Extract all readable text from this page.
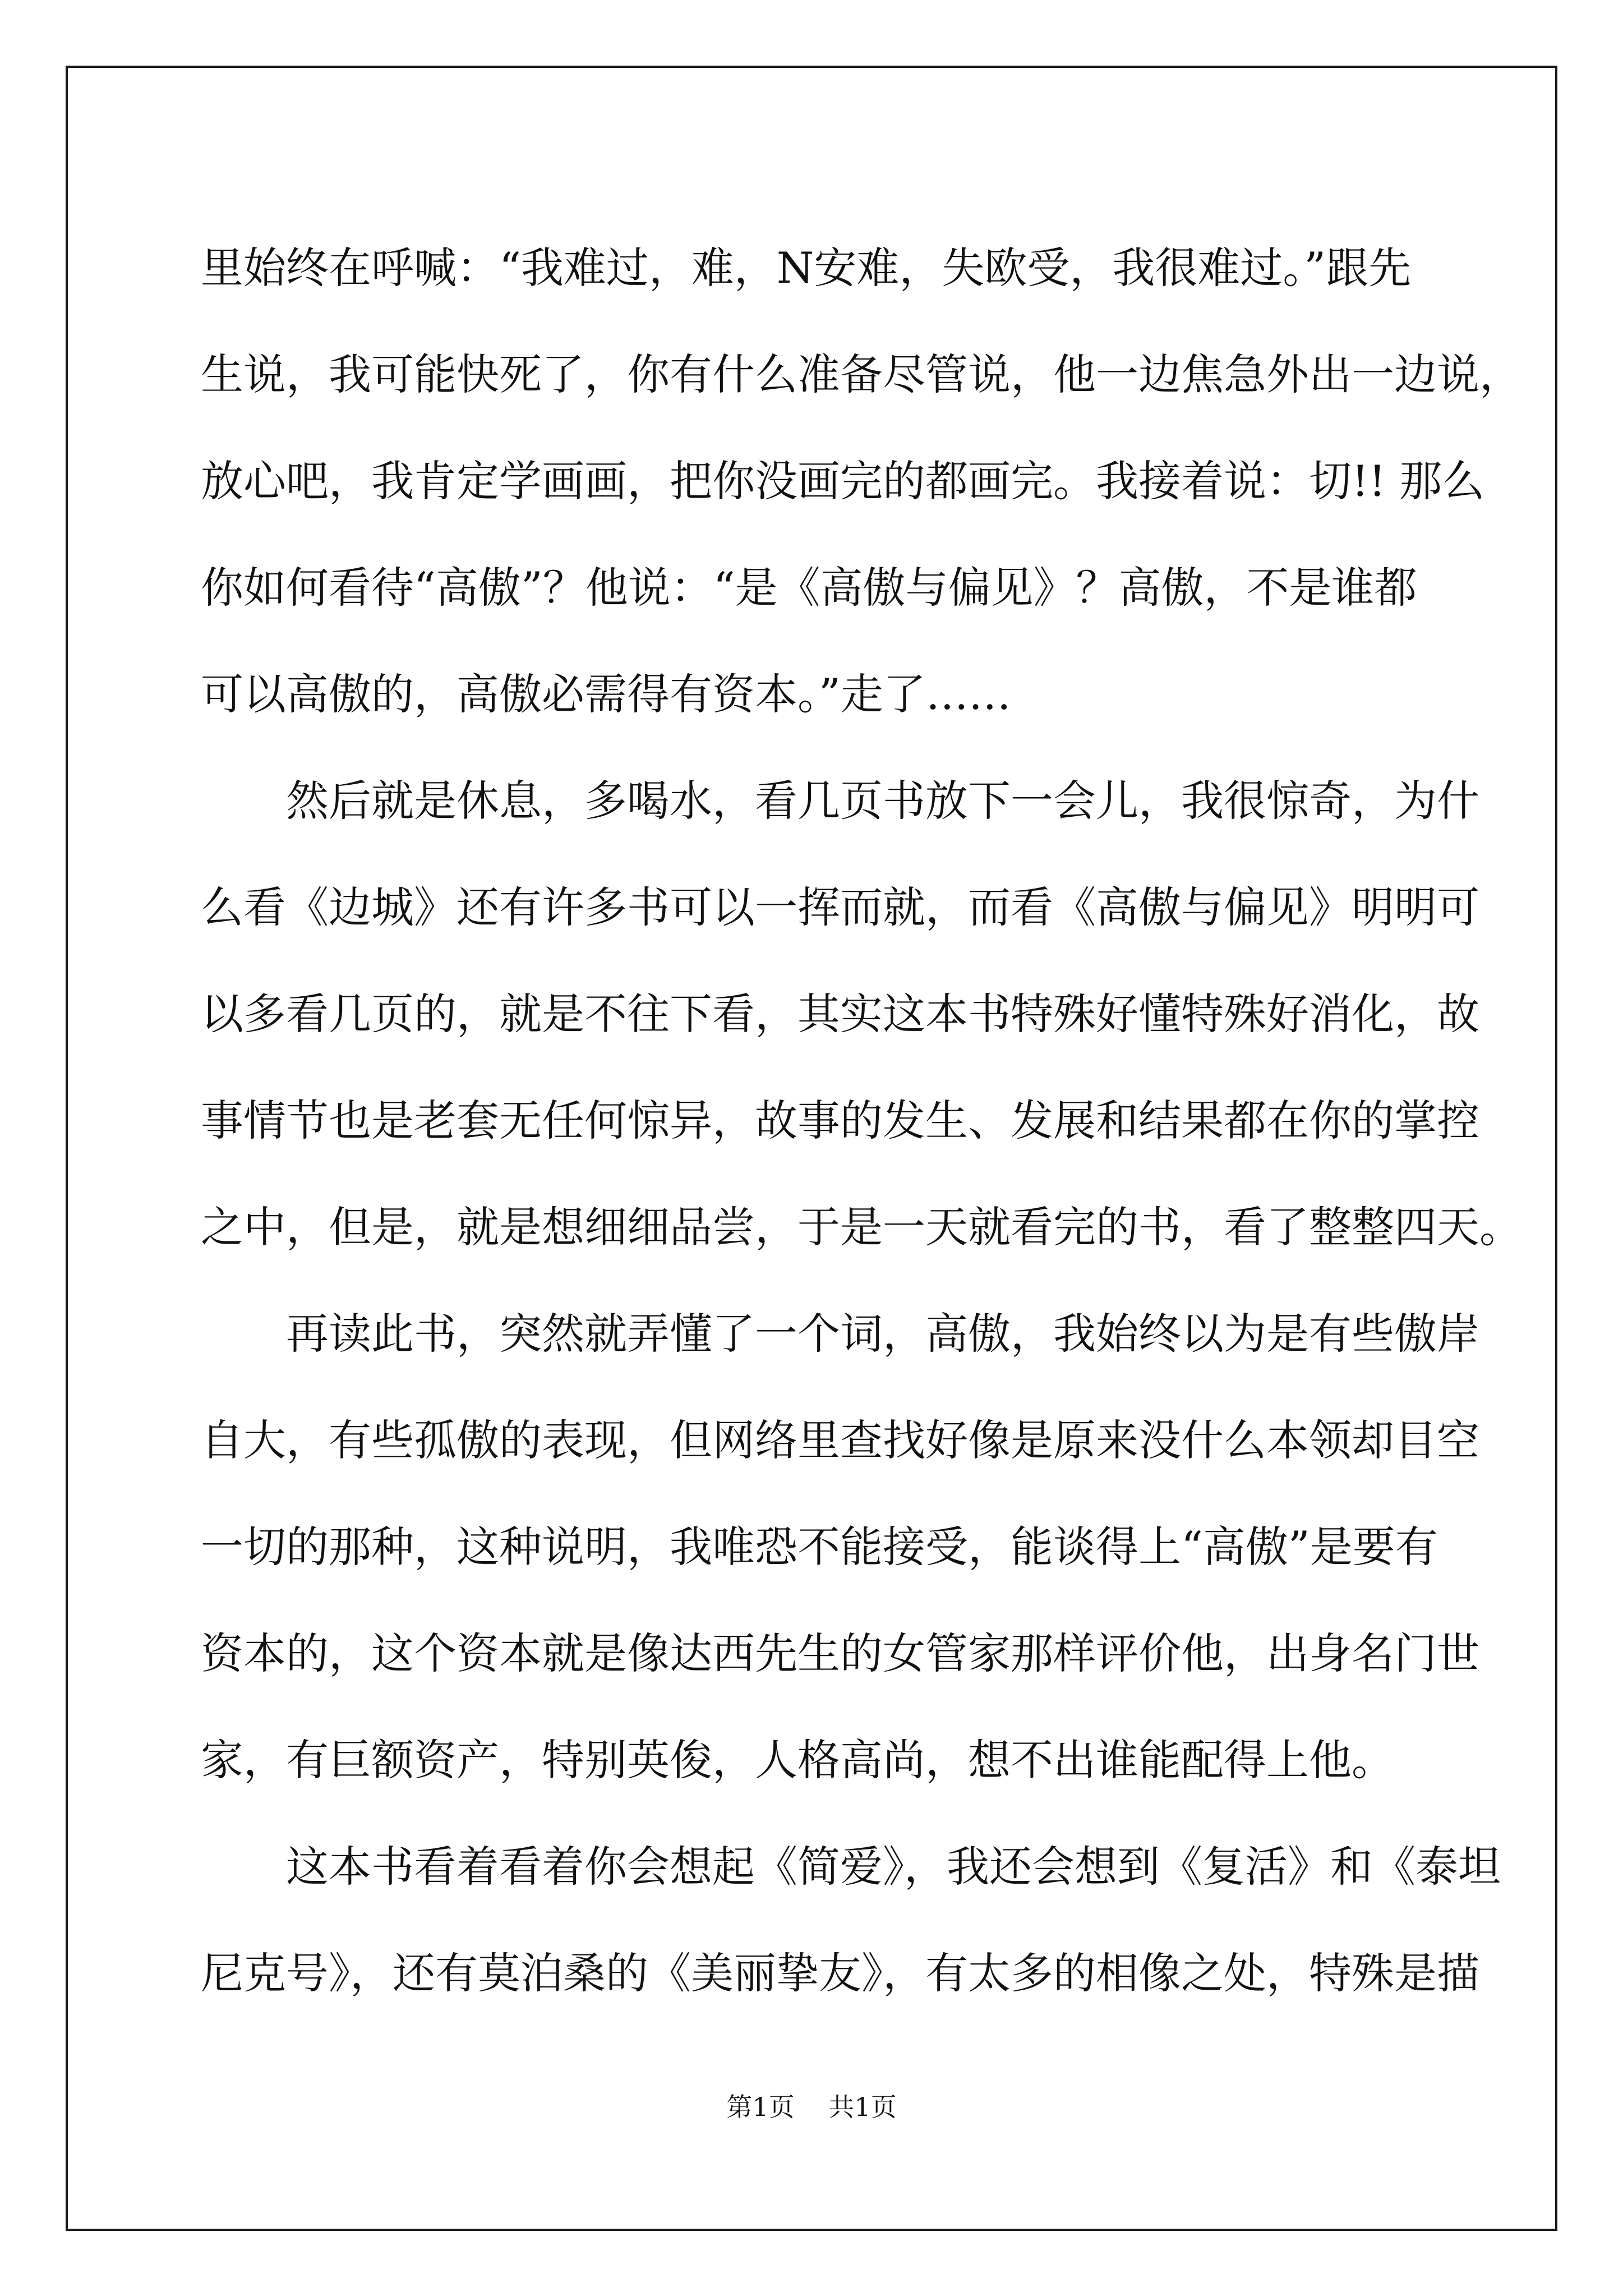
里始终在呼喊：“我难过，难，N安难，失欧受，我很难过。”跟先
生说，我可能快死了，你有什么准备尽管说，他一边焦急外出一边说，
放心吧，我肯定学画画，把你没画完的都画完。我接着说：切!! 那么
你如何看待“高傲”？他说：“是《高傲与偏见》？高傲，不是谁都
可以高傲的，高傲必需得有资本。”走了……
然后就是休息，多喝水，看几页书放下一会儿，我很惊奇，为什
么看《边城》还有许多书可以一挥而就，而看《高傲与偏见》明明可
以多看几页的，就是不往下看，其实这本书特殊好懂特殊好消化，故
事情节也是老套无任何惊异，故事的发生、发展和结果都在你的掌控
之中，但是，就是想细细品尝，于是一天就看完的书，看了整整四天。
再读此书，突然就弄懂了一个词，高傲，我始终以为是有些傲岸
自大，有些孤傲的表现，但网络里查找好像是原来没什么本领却目空
一切的那种，这种说明，我唯恐不能接受，能谈得上“高傲”是要有
资本的，这个资本就是像达西先生的女管家那样评价他，出身名门世
家，有巨额资产，特别英俊，人格高尚，想不出谁能配得上他。
这本书看着看着你会想起《简爱》，我还会想到《复活》和《泰坦
尼克号》，还有莫泊桑的《美丽挚友》，有太多的相像之处，特殊是描
第1页 共1页
